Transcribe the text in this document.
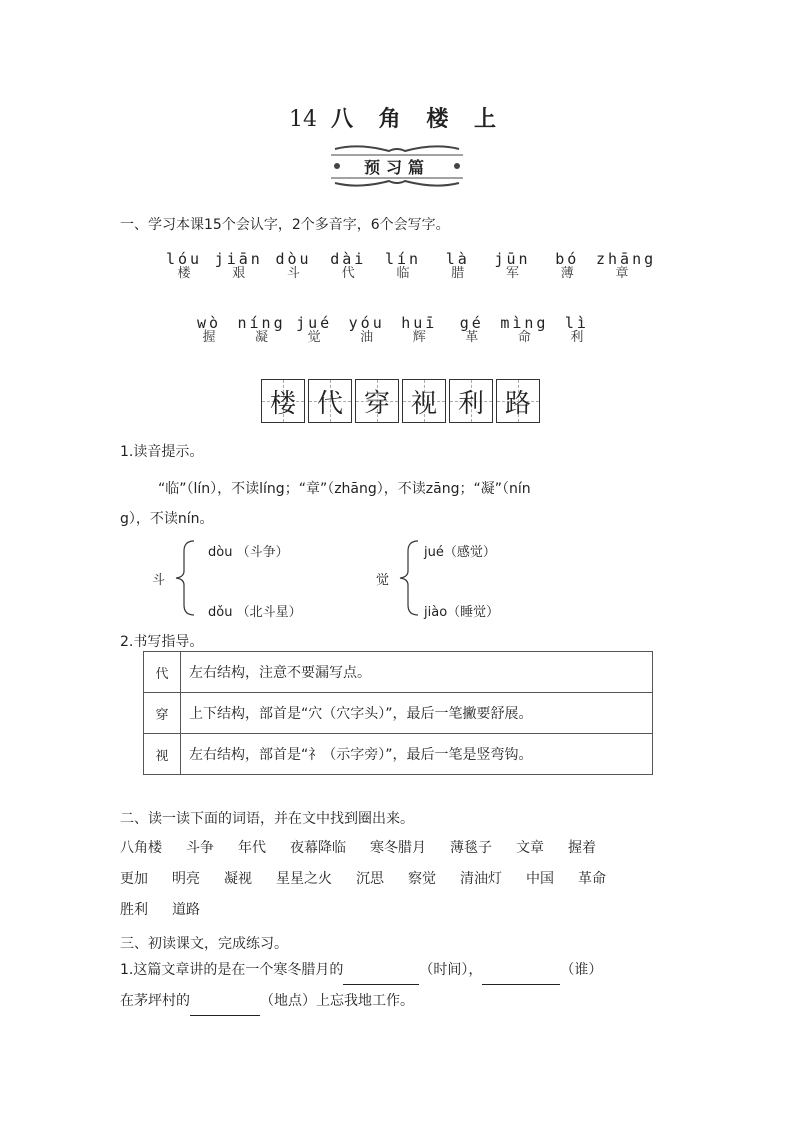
14 八 角 楼 上
预习篇
一、学习本课15个会认字，2个多音字，6个会写字。
lóu
楼
jiān
艰
dòu
斗
dài
代
lín
临
là
腊
jūn
军
bó
薄
zhāng
章
wò
握
níng
凝
jué
觉
yóu
油
huī
辉
gé
革
mìng
命
lì
利
楼 代 穿 视 利 路
1.读音提示。
“临”（lín），不读líng；“章”（zhāng），不读zāng；“凝”（nín
g），不读nín。
斗
dòu （斗争）
dǒu （北斗星）
觉
jué（感觉）
jiào（睡觉）
2.书写指导。
代	左右结构，注意不要漏写点。
穿	上下结构，部首是“穴（穴字头）”，最后一笔撇要舒展。
视	左右结构，部首是“礻（示字旁）”，最后一笔是竖弯钩。
二、读一读下面的词语，并在文中找到圈出来。
八角楼 斗争 年代 夜幕降临 寒冬腊月 薄毯子 文章 握着
更加 明亮 凝视 星星之火 沉思 察觉 清油灯 中国 革命
胜利 道路
三、初读课文，完成练习。
1.这篇文章讲的是在一个寒冬腊月的	（时间），	（谁）
在茅坪村的	（地点）上忘我地工作。
